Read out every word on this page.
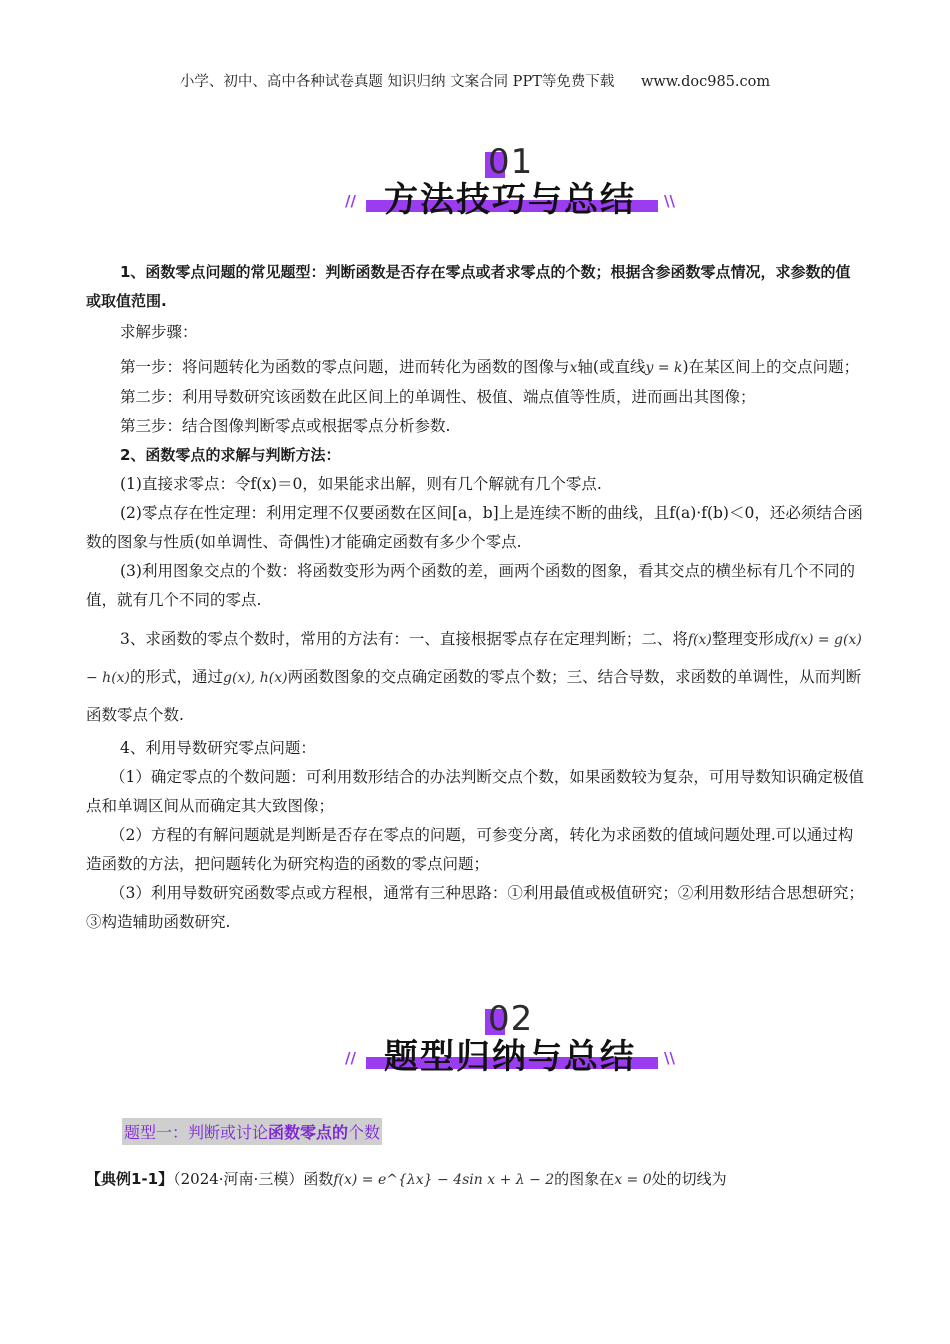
小学、初中、高中各种试卷真题 知识归纳 文案合同 PPT等免费下载 www.doc985.com
01
方法技巧与总结
//	\\

1、函数零点问题的常见题型：判断函数是否存在零点或者求零点的个数；根据含参函数零点情况，求参数的值或取值范围.

求解步骤：

第一步：将问题转化为函数的零点问题，进而转化为函数的图像与x轴(或直线y = k)在某区间上的交点问题；

第二步：利用导数研究该函数在此区间上的单调性、极值、端点值等性质，进而画出其图像；

第三步：结合图像判断零点或根据零点分析参数.

2、函数零点的求解与判断方法：

(1)直接求零点：令f(x)＝0，如果能求出解，则有几个解就有几个零点.

(2)零点存在性定理：利用定理不仅要函数在区间[a，b]上是连续不断的曲线，且f(a)·f(b)＜0，还必须结合函数的图象与性质(如单调性、奇偶性)才能确定函数有多少个零点.

(3)利用图象交点的个数：将函数变形为两个函数的差，画两个函数的图象，看其交点的横坐标有几个不同的值，就有几个不同的零点.

3、求函数的零点个数时，常用的方法有：一、直接根据零点存在定理判断；二、将f(x)整理变形成f(x) = g(x) − h(x)的形式，通过g(x), h(x)两函数图象的交点确定函数的零点个数；三、结合导数，求函数的单调性，从而判断函数零点个数.

4、利用导数研究零点问题：

（1）确定零点的个数问题：可利用数形结合的办法判断交点个数，如果函数较为复杂，可用导数知识确定极值点和单调区间从而确定其大致图像；

（2）方程的有解问题就是判断是否存在零点的问题，可参变分离，转化为求函数的值域问题处理.可以通过构造函数的方法，把问题转化为研究构造的函数的零点问题；

（3）利用导数研究函数零点或方程根，通常有三种思路：①利用最值或极值研究；②利用数形结合思想研究；③构造辅助函数研究.

02
题型归纳与总结
//	\\
题型一：判断或讨论函数零点的个数
【典例1-1】（2024·河南·三模）函数f(x) = e^{λx} − 4sin x + λ − 2的图象在x = 0处的切线为
